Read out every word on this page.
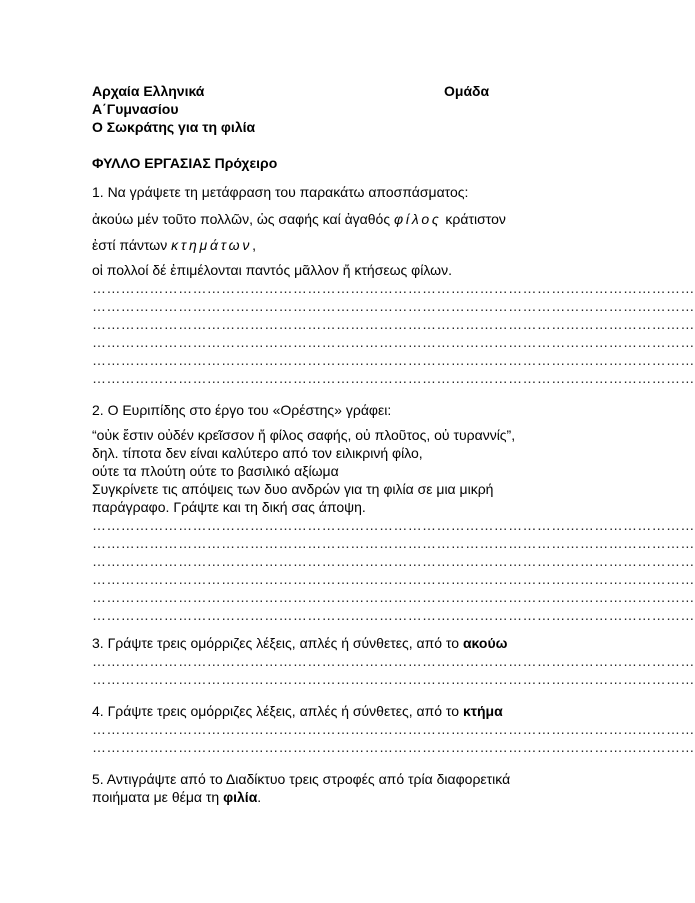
Αρχαία Ελληνικά	Ομάδα
Α΄Γυμνασίου
Ο Σωκράτης για τη φιλία
ΦΥΛΛΟ ΕΡΓΑΣΙΑΣ Πρόχειρο
1. Να γράψετε τη μετάφραση του παρακάτω αποσπάσματος:
ἀκούω μέν τοῦτο πολλῶν, ὡς σαφής καί ἀγαθός φίλος κράτιστον
ἐστί πάντων κτημάτων,
οἱ πολλοί δέ ἐπιμέλονται παντός μᾶλλον ἤ κτήσεως φίλων.
………………………………………………………………………………………………………………
………………………………………………………………………………………………………………
………………………………………………………………………………………………………………
………………………………………………………………………………………………………………
………………………………………………………………………………………………………………
………………………………………………………………………………………………………………
2. Ο Ευριπίδης στο έργο του «Ορέστης» γράφει:
“οὐκ ἔστιν οὐδέν κρεῖσσον ἤ φίλος σαφής, οὐ πλοῦτος, οὐ τυραννίς”,
δηλ. τίποτα δεν είναι καλύτερο από τον ειλικρινή φίλο,
ούτε τα πλούτη ούτε το βασιλικό αξίωμα
Συγκρίνετε τις απόψεις των δυο ανδρών για τη φιλία σε μια μικρή
παράγραφο. Γράψτε και τη δική σας άποψη.
………………………………………………………………………………………………………………
………………………………………………………………………………………………………………
………………………………………………………………………………………………………………
………………………………………………………………………………………………………………
………………………………………………………………………………………………………………
………………………………………………………………………………………………………………
3. Γράψτε τρεις ομόρριζες λέξεις, απλές ή σύνθετες, από το ακούω
………………………………………………………………………………………………………………
………………………………………………………………………………………………………………
4. Γράψτε τρεις ομόρριζες λέξεις, απλές ή σύνθετες, από το κτήμα
………………………………………………………………………………………………………………
………………………………………………………………………………………………………………
5. Αντιγράψτε από το Διαδίκτυο τρεις στροφές από τρία διαφορετικά
ποιήματα με θέμα τη φιλία.
